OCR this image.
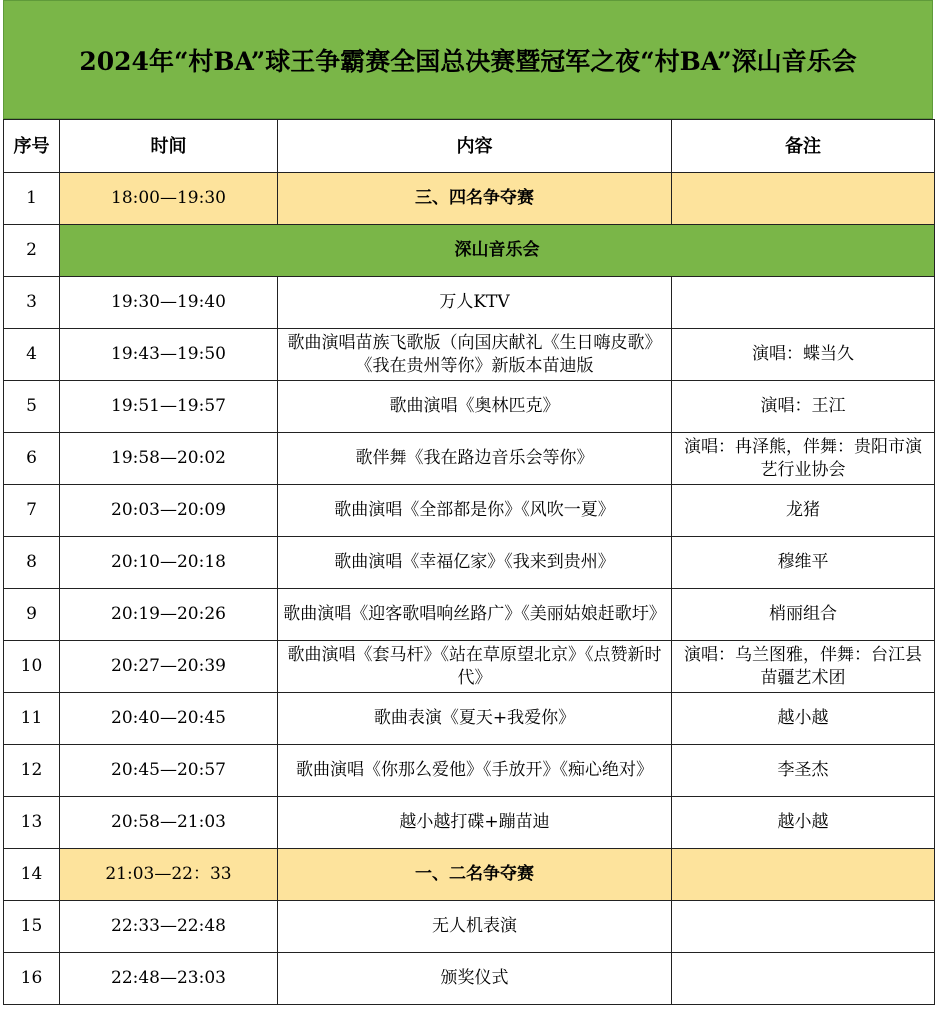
2024年“村BA”球王争霸赛全国总决赛暨冠军之夜“村BA”深山音乐会
序号	时间	内容	备注
1	18:00—19:30	三、四名争夺赛	
2	深山音乐会		
3	19:30—19:40	万人KTV	
4	19:43—19:50	歌曲演唱苗族飞歌版（向国庆献礼《生日嗨皮歌》《我在贵州等你》新版本苗迪版	演唱：蝶当久
5	19:51—19:57	歌曲演唱《奥林匹克》	演唱：王江
6	19:58—20:02	歌伴舞《我在路边音乐会等你》	演唱：冉泽熊，伴舞：贵阳市演艺行业协会
7	20:03—20:09	歌曲演唱《全部都是你》《风吹一夏》	龙猪
8	20:10—20:18	歌曲演唱《幸福亿家》《我来到贵州》	穆维平
9	20:19—20:26	歌曲演唱《迎客歌唱响丝路广》《美丽姑娘赶歌圩》	梢丽组合
10	20:27—20:39	歌曲演唱《套马杆》《站在草原望北京》《点赞新时代》	演唱：乌兰图雅，伴舞：台江县苗疆艺术团
11	20:40—20:45	歌曲表演《夏天+我爱你》	越小越
12	20:45—20:57	歌曲演唱《你那么爱他》《手放开》《痴心绝对》	李圣杰
13	20:58—21:03	越小越打碟+蹦苗迪	越小越
14	21:03—22：33	一、二名争夺赛	
15	22:33—22:48	无人机表演	
16	22:48—23:03	颁奖仪式	
